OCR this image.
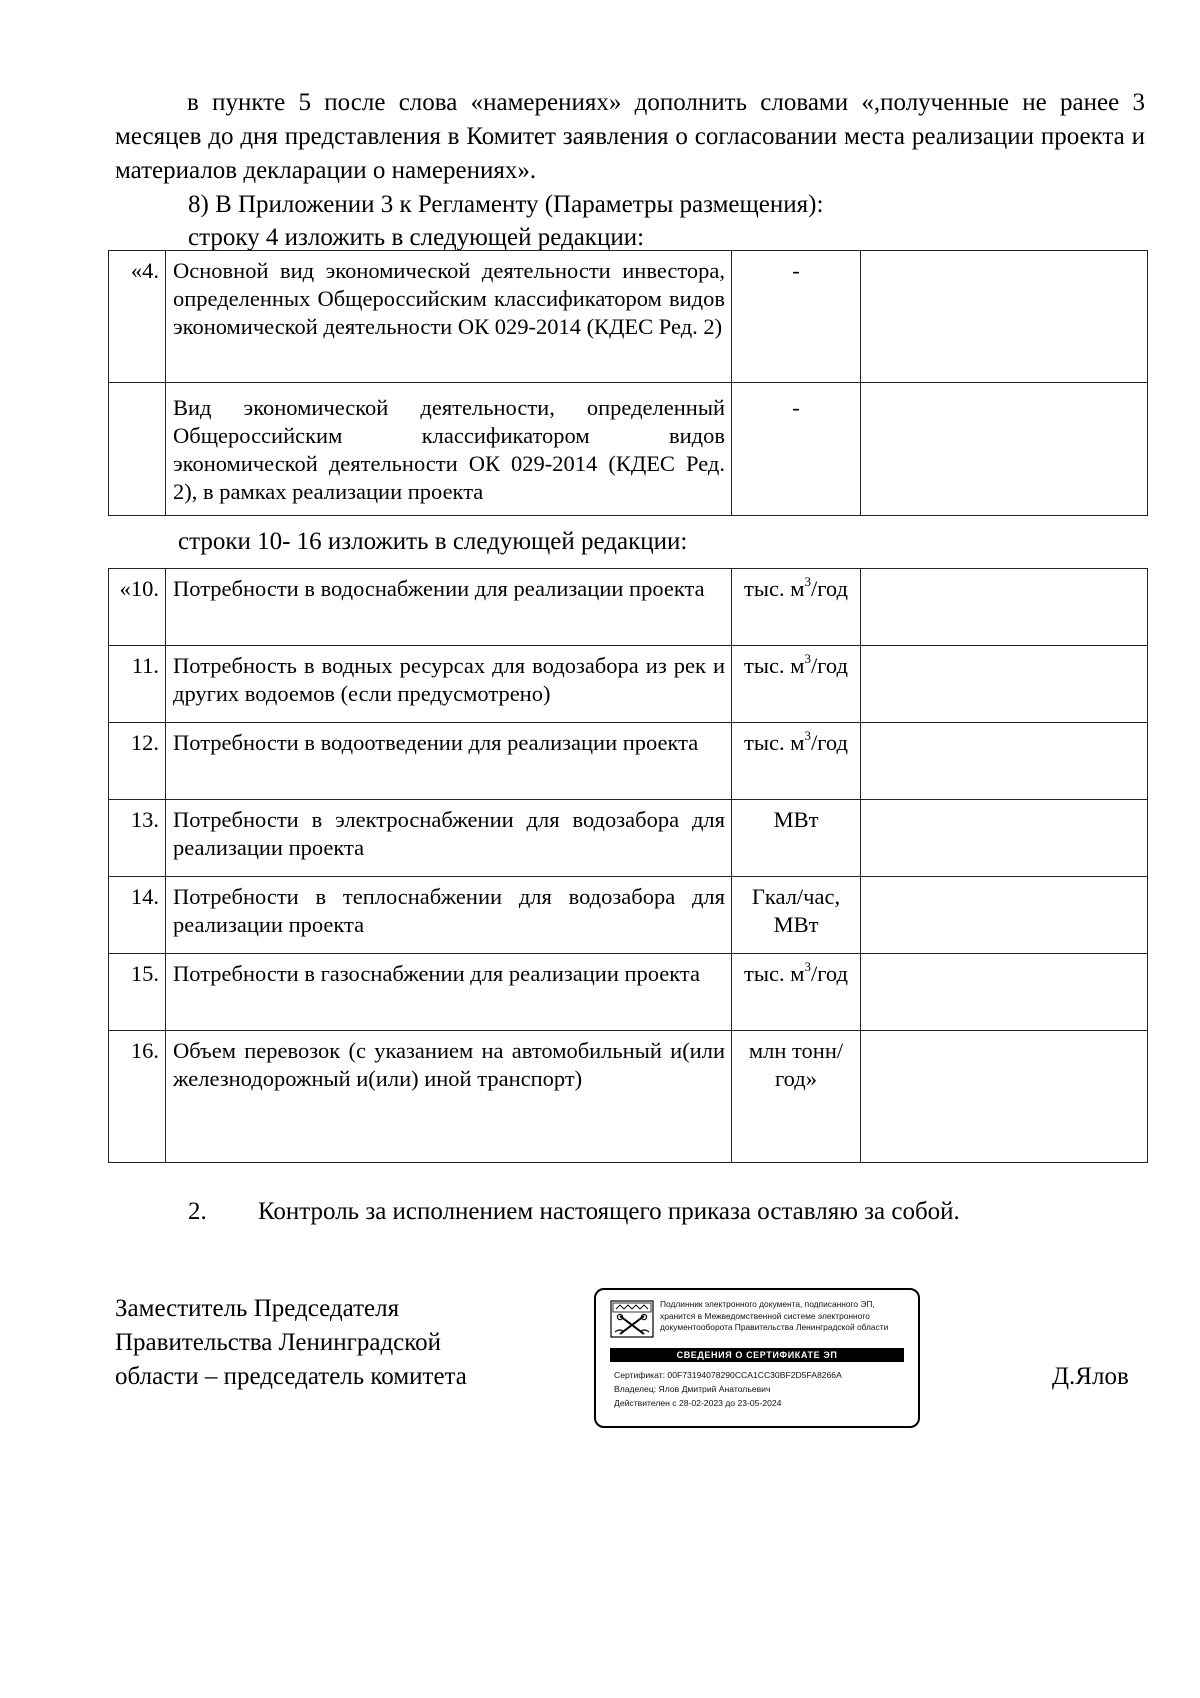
в пункте 5 после слова «намерениях» дополнить словами «,полученные не ранее 3 месяцев до дня представления в Комитет заявления о согласовании места реализации проекта и материалов декларации о намерениях».
8) В Приложении 3 к Регламенту (Параметры размещения):
строку 4 изложить в следующей редакции:
«4.	Основной вид экономической деятельности инвестора, определенных Общероссийским классификатором видов экономической деятельности ОК 029-2014 (КДЕС Ред. 2)	-	
	Вид экономической деятельности, определенный Общероссийским классификатором видов экономической деятельности ОК 029-2014 (КДЕС Ред. 2), в рамках реализации проекта	-	
строки 10- 16 изложить в следующей редакции:
«10.	Потребности в водоснабжении для реализации проекта	тыс. $м^3$/год	
11.	Потребность в водных ресурсах для водозабора из рек и других водоемов (если предусмотрено)	тыс. $м^3$/год	
12.	Потребности в водоотведении для реализации проекта	тыс. $м^3$/год	
13.	Потребности в электроснабжении для водозабора для реализации проекта	МВт	
14.	Потребности в теплоснабжении для водозабора для реализации проекта	Гкал/час, МВт	
15.	Потребности в газоснабжении для реализации проекта	тыс. $м^3$/год	
16.	Объем перевозок (с указанием на автомобильный и(или железнодорожный и(или) иной транспорт)	млн тонн/год»	
2. Контроль за исполнением настоящего приказа оставляю за собой.
Заместитель Председателя
Правительства Ленинградской
области – председатель комитета
Подлинник электронного документа, подписанного ЭП,
хранится в Межведомственной системе электронного
документооборота Правительства Ленинградской области
СВЕДЕНИЯ О СЕРТИФИКАТЕ ЭП
Сертификат: 00F73194078290CCA1CC30BF2D5FA8266A
Владелец: Ялов Дмитрий Анатольевич
Действителен с 28-02-2023 до 23-05-2024
Д.Ялов
